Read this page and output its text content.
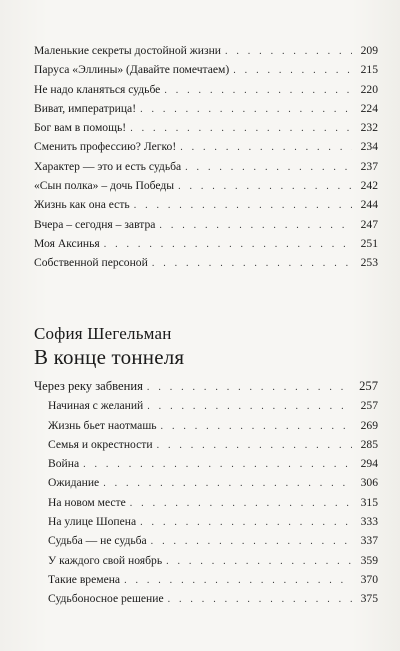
Маленькие секреты достойной жизни . . .	209
Паруса «Эллины» (Давайте помечтаем) . . .	215
Не надо кланяться судьбе . . .	220
Виват, императрица! . . .	224
Бог вам в помощь! . . .	232
Сменить профессию? Легко! . . .	234
Характер — это и есть судьба . . .	237
«Сын полка» – дочь Победы . . .	242
Жизнь как она есть . . .	244
Вчера – сегодня – завтра . . .	247
Моя Аксинья . . .	251
Собственной персоной . . .	253
София Шегельман
В конце тоннеля
Через реку забвения . . .	257
Начиная с желаний . . .	257
Жизнь бьет наотмашь . . .	269
Семья и окрестности . . .	285
Война . . .	294
Ожидание . . .	306
На новом месте . . .	315
На улице Шопена . . .	333
Судьба — не судьба . . .	337
У каждого свой ноябрь . . .	359
Такие времена . . .	370
Судьбоносное решение . . .	375
